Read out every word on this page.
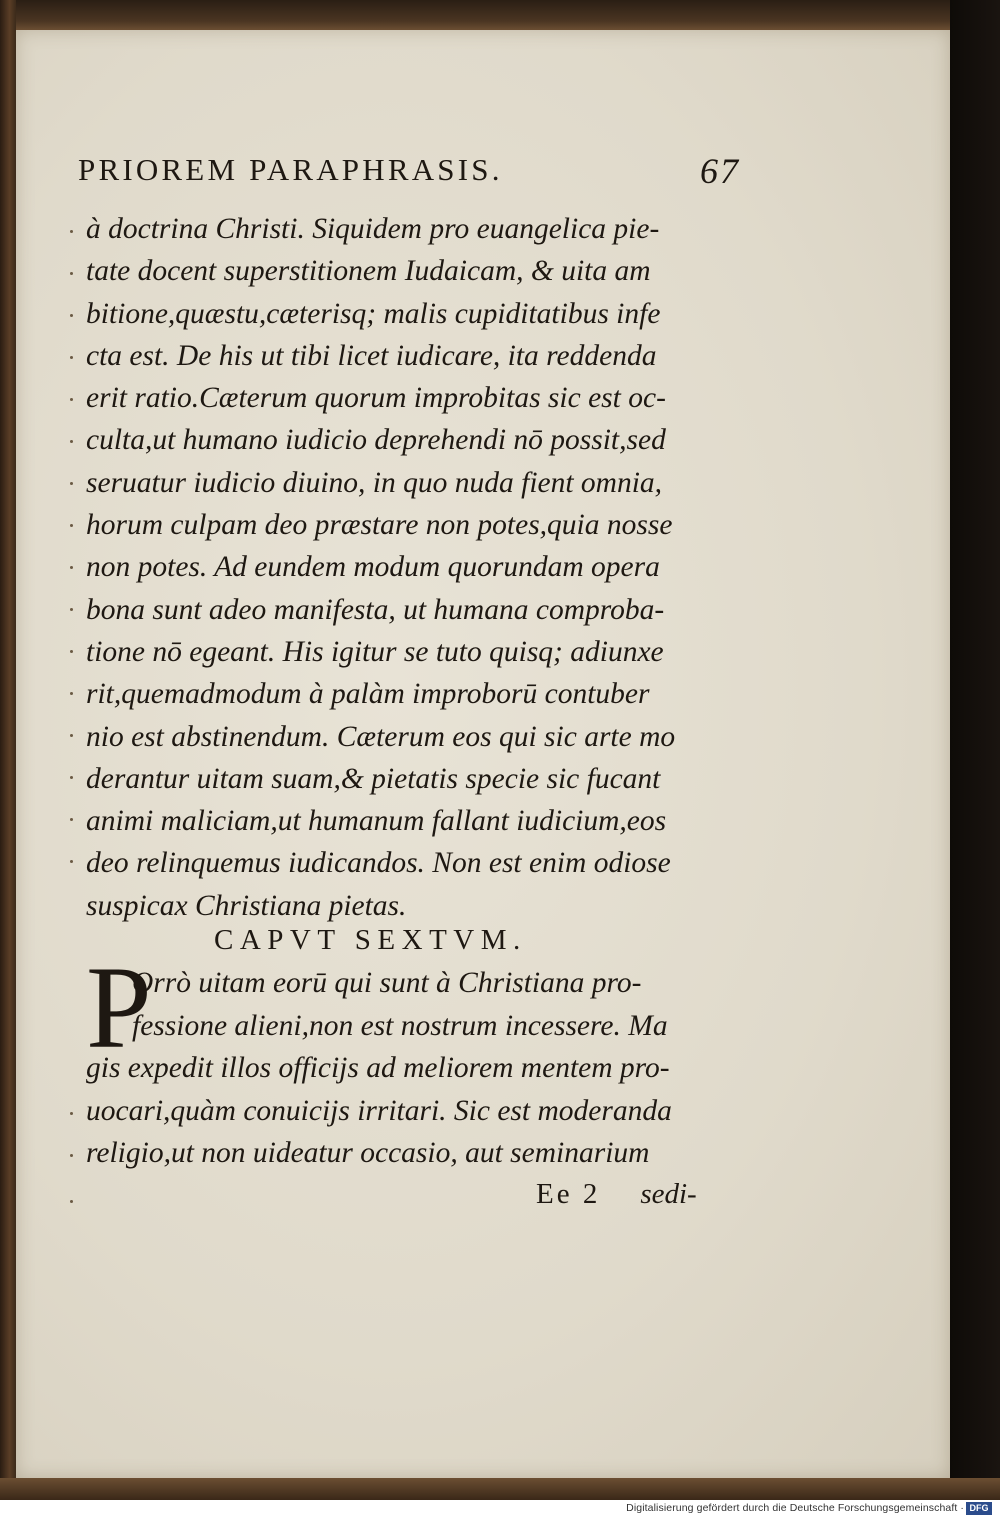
PRIOREM PARAPHRASIS.	67
à doctrina Christi. Siquidem pro euangelica pie-
tate docent superstitionem Iudaicam, & uita am
bitione,quæstu,cæterisq; malis cupiditatibus infe
cta est. De his ut tibi licet iudicare, ita reddenda
erit ratio.Cæterum quorum improbitas sic est oc-
culta,ut humano iudicio deprehendi nō possit,sed
seruatur iudicio diuino, in quo nuda fient omnia,
horum culpam deo præstare non potes,quia nosse
non potes. Ad eundem modum quorundam opera
bona sunt adeo manifesta, ut humana comproba-
tione nō egeant. His igitur se tuto quisq; adiunxe
rit,quemadmodum à palàm improborū contuber
nio est abstinendum. Cæterum eos qui sic arte mo
derantur uitam suam,& pietatis specie sic fucant
animi maliciam,ut humanum fallant iudicium,eos
deo relinquemus iudicandos. Non est enim odiose
suspicax Christiana pietas.
CAPVT SEXTVM.
P
Orrò uitam eorū qui sunt à Christiana pro-
fessione alieni,non est nostrum incessere. Ma
gis expedit illos officijs ad meliorem mentem pro-
uocari,quàm conuicijs irritari. Sic est moderanda
religio,ut non uideatur occasio, aut seminarium
Ee 2 sedi-
Digitalisierung gefördert durch die Deutsche Forschungsgemeinschaft · DFG
